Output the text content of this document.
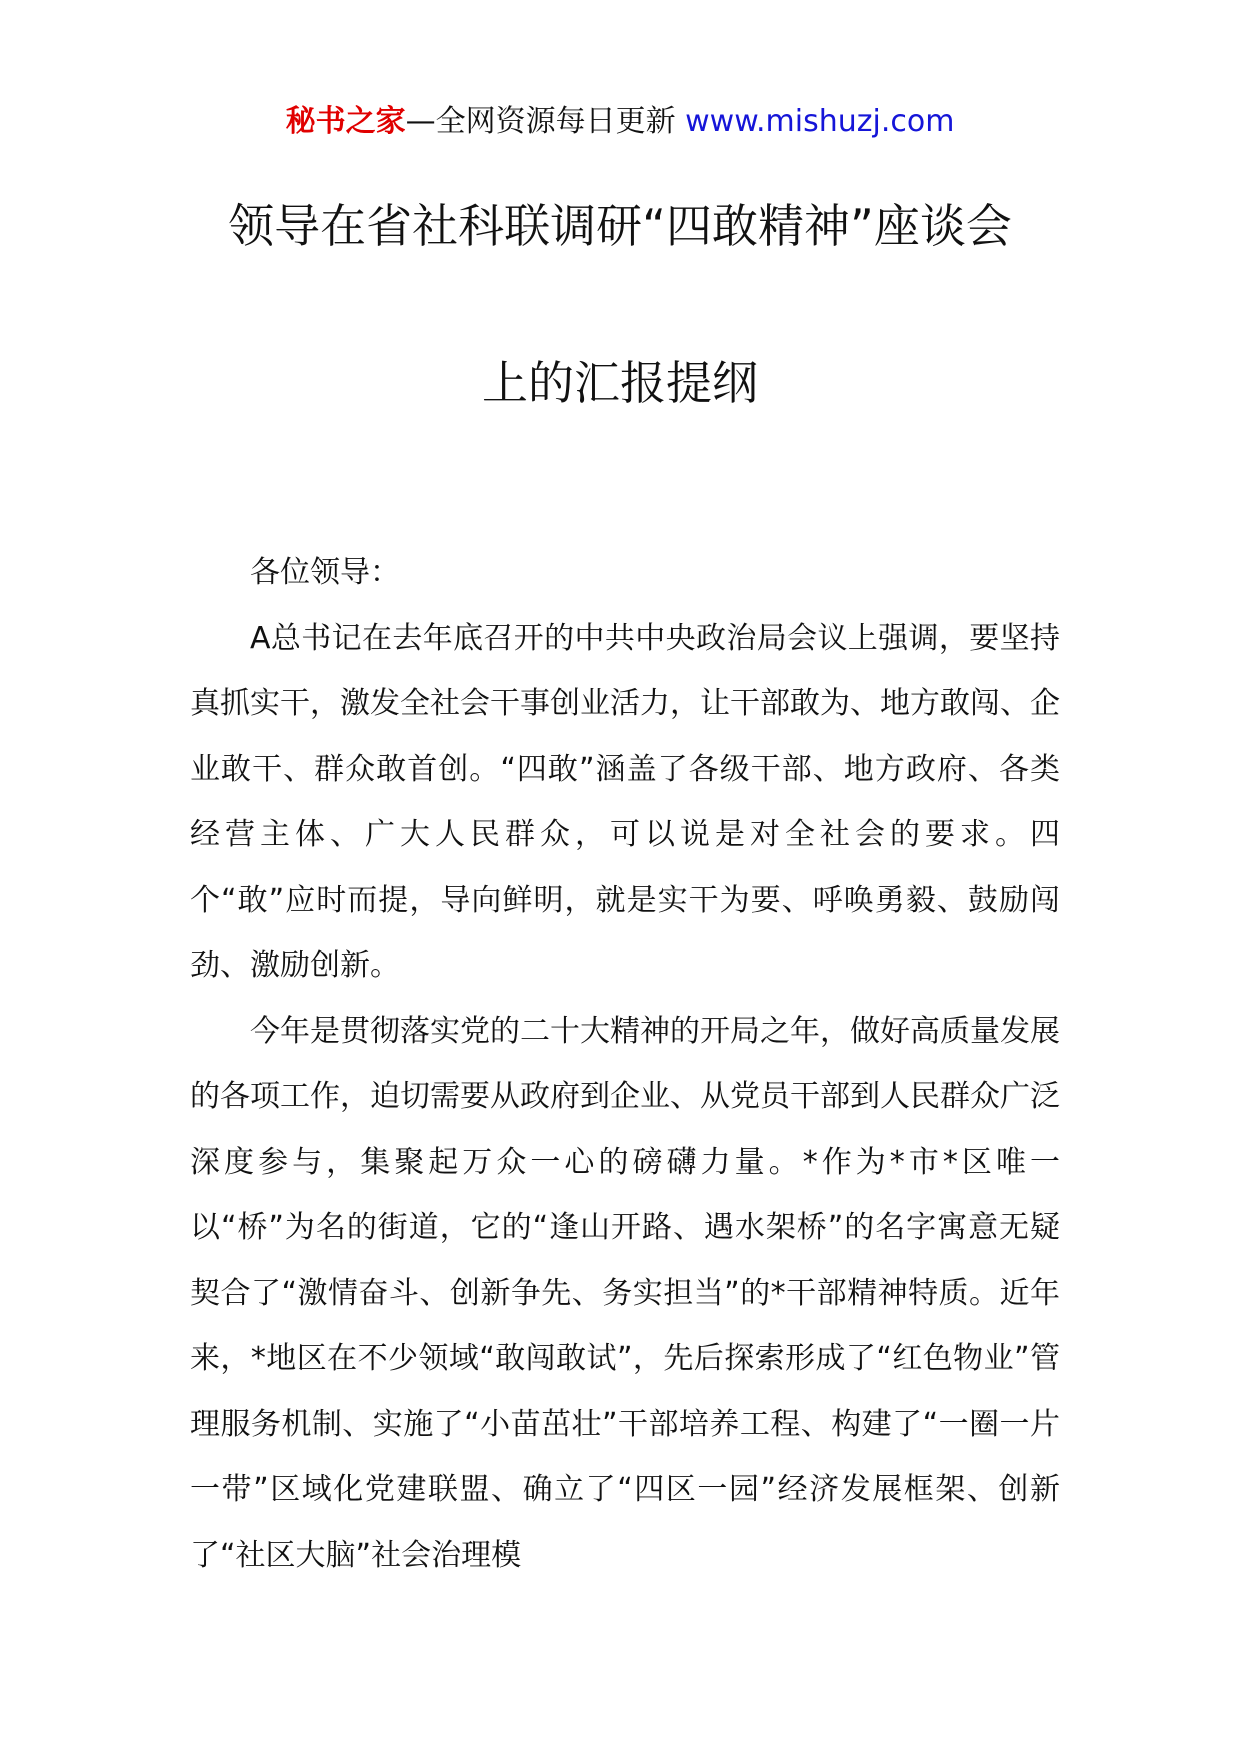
秘书之家—全网资源每日更新 www.mishuzj.com
领导在省社科联调研“四敢精神”座谈会
上的汇报提纲

各位领导：

A总书记在去年底召开的中共中央政治局会议上强调，要坚持真抓实干，激发全社会干事创业活力，让干部敢为、地方敢闯、企业敢干、群众敢首创。“四敢”涵盖了各级干部、地方政府、各类经营主体、广大人民群众，可以说是对全社会的要求。四个“敢”应时而提，导向鲜明，就是实干为要、呼唤勇毅、鼓励闯劲、激励创新。

今年是贯彻落实党的二十大精神的开局之年，做好高质量发展的各项工作，迫切需要从政府到企业、从党员干部到人民群众广泛深度参与，集聚起万众一心的磅礴力量。*作为*市*区唯一以“桥”为名的街道，它的“逢山开路、遇水架桥”的名字寓意无疑契合了“激情奋斗、创新争先、务实担当”的*干部精神特质。近年来，*地区在不少领域“敢闯敢试”，先后探索形成了“红色物业”管理服务机制、实施了“小苗茁壮”干部培养工程、构建了“一圈一片一带”区域化党建联盟、确立了“四区一园”经济发展框架、创新了“社区大脑”社会治理模
